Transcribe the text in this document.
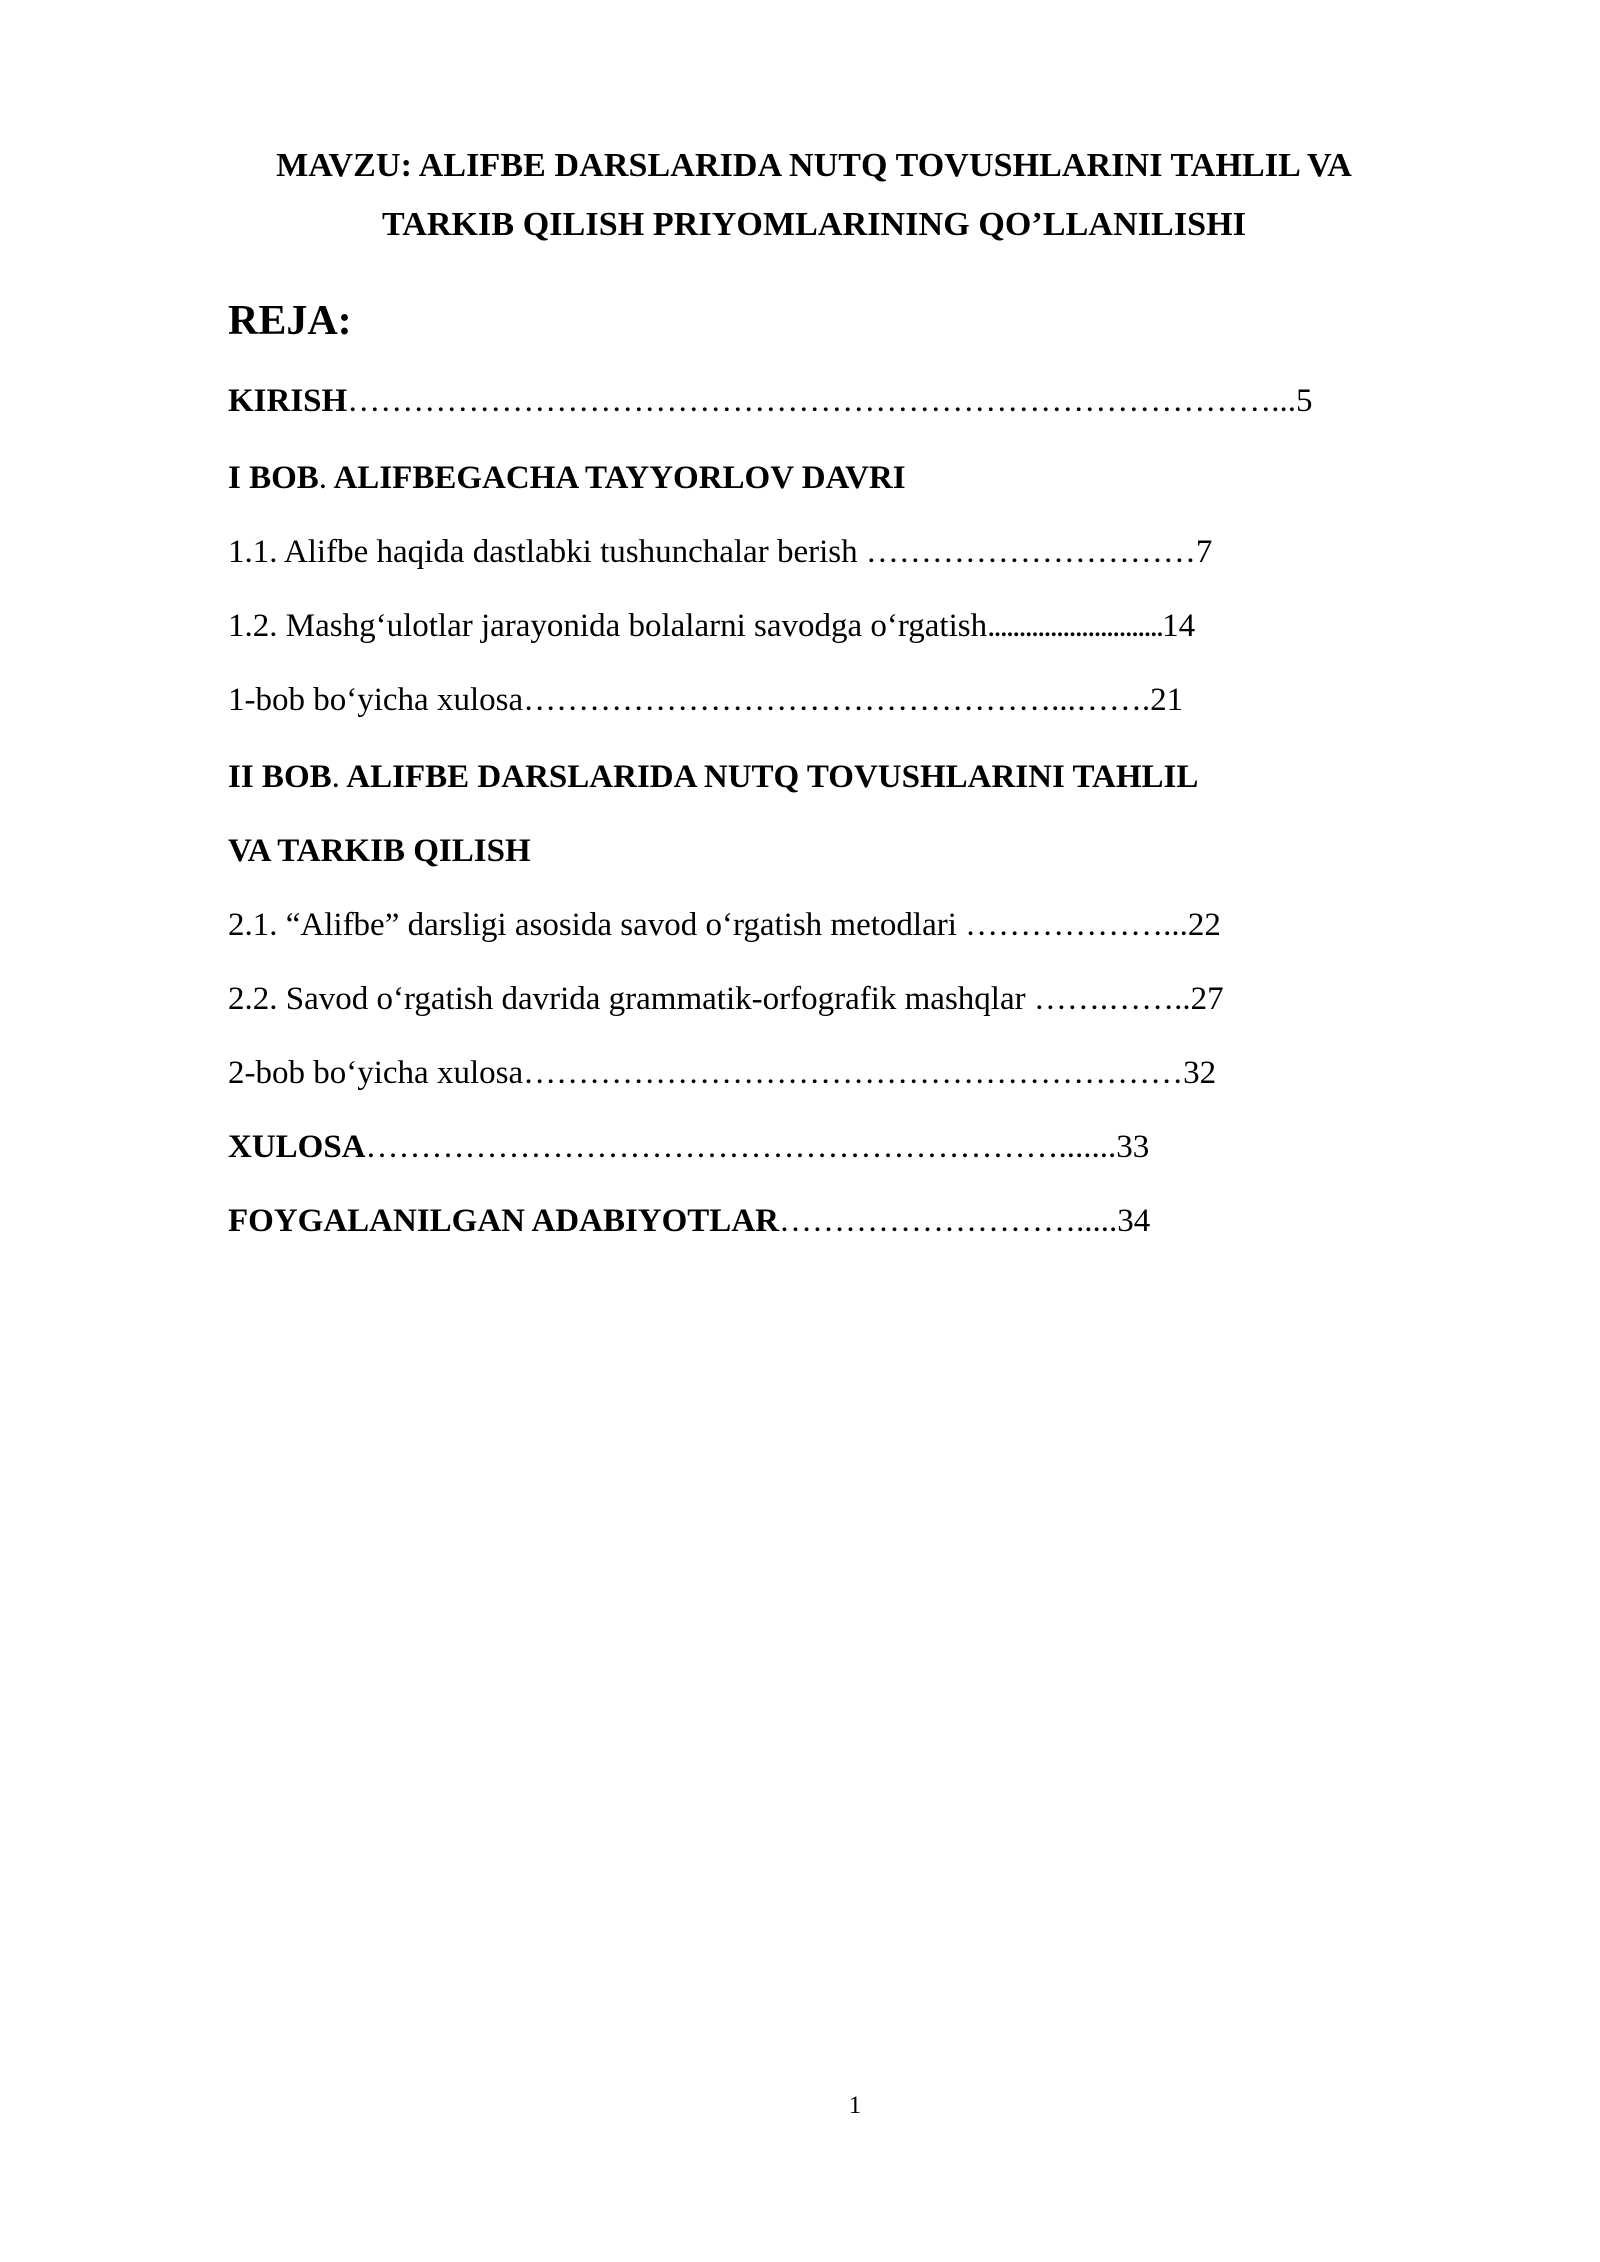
MAVZU: ALIFBE DARSLARIDA NUTQ TOVUSHLARINI TAHLIL VA
TARKIB QILISH PRIYOMLARINING QO’LLANILISHI
REJA:
KIRISH…………………………………………………………………………...5
I BOB. ALIFBEGACHA TAYYORLOV DAVRI
1.1. Alifbe haqida dastlabki tushunchalar berish …………………………7
1.2. Mashgʻulotlar jarayonida bolalarni savodga oʻrgatish............................14
1-bob boʻyicha xulosa…………………………………………...…….21
II BOB. ALIFBE DARSLARIDA NUTQ TOVUSHLARINI TAHLIL
VA TARKIB QILISH
2.1. “Alifbe” darsligi asosida savod oʻrgatish metodlari ………………...22
2.2. Savod oʻrgatish davrida grammatik-orfografik mashqlar …….……..27
2-bob boʻyicha xulosa……………………………………………………32
XULOSA……………………………………………………….......33
FOYGALANILGAN ADABIYOTLAR……………………….....34
1
